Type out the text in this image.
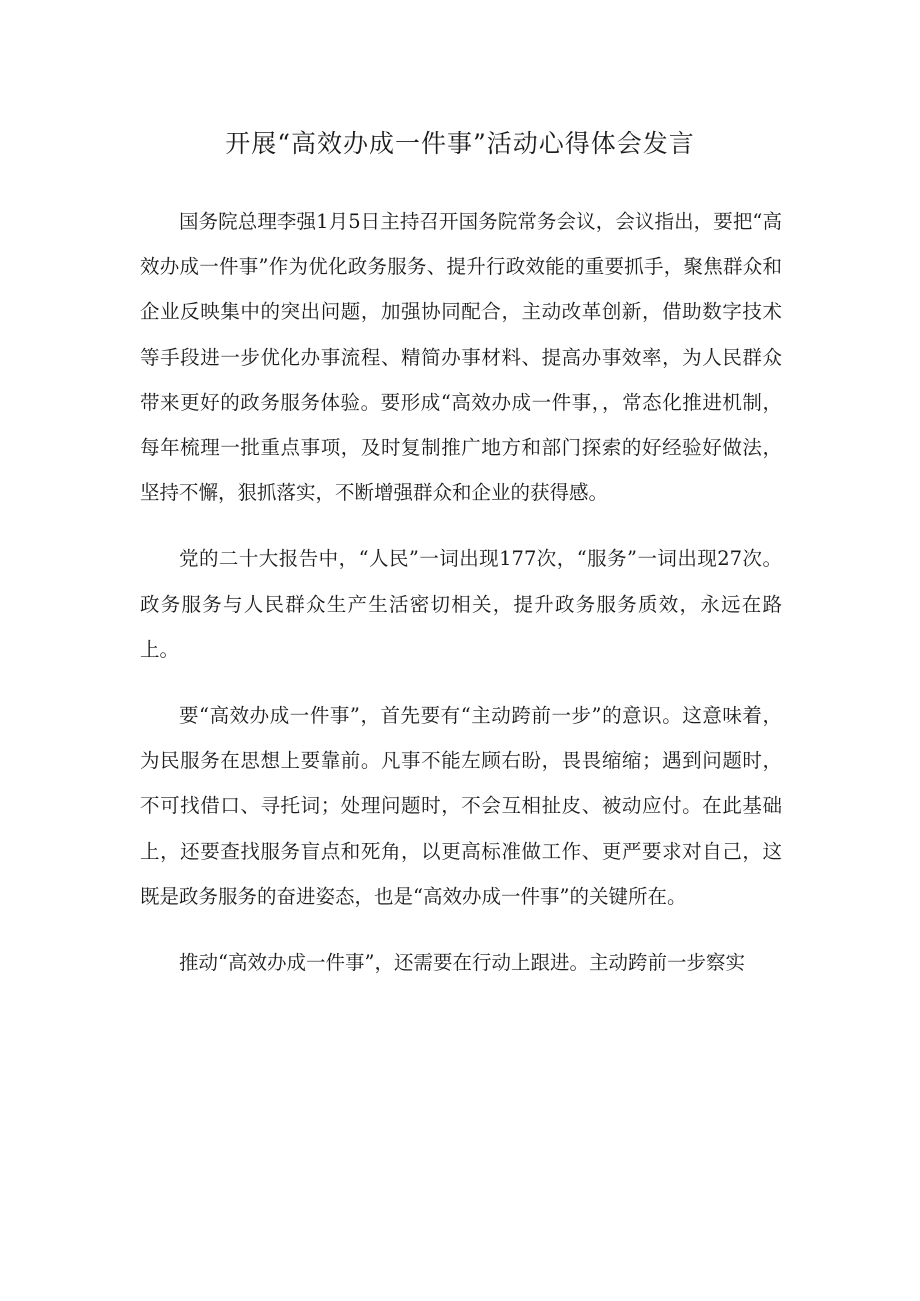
开展“高效办成一件事”活动心得体会发言

国务院总理李强1月5日主持召开国务院常务会议，会议指出，要把“高效办成一件事”作为优化政务服务、提升行政效能的重要抓手，聚焦群众和企业反映集中的突出问题，加强协同配合，主动改革创新，借助数字技术等手段进一步优化办事流程、精简办事材料、提高办事效率，为人民群众带来更好的政务服务体验。要形成“高效办成一件事，，常态化推进机制，每年梳理一批重点事项，及时复制推广地方和部门探索的好经验好做法，坚持不懈，狠抓落实，不断增强群众和企业的获得感。

党的二十大报告中，“人民”一词出现177次，“服务”一词出现27次。政务服务与人民群众生产生活密切相关，提升政务服务质效，永远在路上。

要“高效办成一件事”，首先要有“主动跨前一步”的意识。这意味着，为民服务在思想上要靠前。凡事不能左顾右盼，畏畏缩缩；遇到问题时，不可找借口、寻托词；处理问题时，不会互相扯皮、被动应付。在此基础上，还要查找服务盲点和死角，以更高标准做工作、更严要求对自己，这既是政务服务的奋进姿态，也是“高效办成一件事”的关键所在。

推动“高效办成一件事”，还需要在行动上跟进。主动跨前一步察实
